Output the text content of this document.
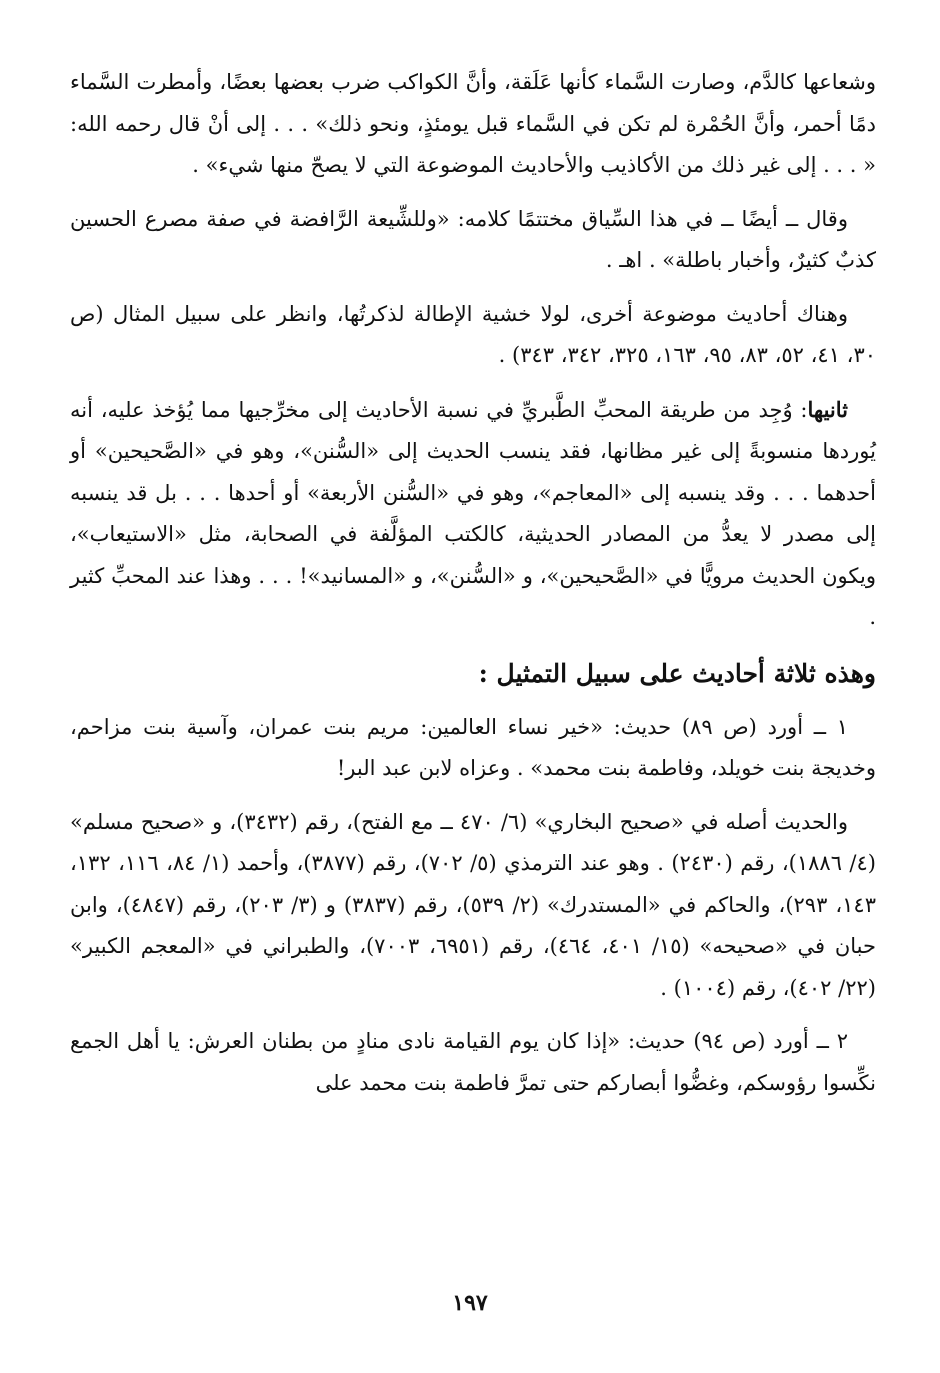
وشعاعها كالدَّم، وصارت السَّماء كأنها عَلَقة، وأنَّ الكواكب ضرب بعضها بعضًا، وأمطرت السَّماء دمًا أحمر، وأنَّ الحُمْرة لم تكن في السَّماء قبل يومئذٍ، ونحو ذلك» . . . إلى أنْ قال رحمه الله: « . . . إلى غير ذلك من الأكاذيب والأحاديث الموضوعة التي لا يصحّ منها شيء» .

وقال ــ أيضًا ــ في هذا السِّياق مختتمًا كلامه: «وللشِّيعة الرَّافضة في صفة مصرع الحسين كذبٌ كثيرٌ، وأخبار باطلة» . اهـ .

وهناك أحاديث موضوعة أخرى، لولا خشية الإطالة لذكرتُها، وانظر على سبيل المثال (ص ٣٠، ٤١، ٥٢، ٨٣، ٩٥، ١٦٣، ٣٢٥، ٣٤٢، ٣٤٣) .

ثانيها: وُجِد من طريقة المحبِّ الطَّبريِّ في نسبة الأحاديث إلى مخرِّجيها مما يُؤخذ عليه، أنه يُوردها منسوبةً إلى غير مظانها، فقد ينسب الحديث إلى «السُّنن»، وهو في «الصَّحيحين» أو أحدهما . . . وقد ينسبه إلى «المعاجم»، وهو في «السُّنن الأربعة» أو أحدها . . . بل قد ينسبه إلى مصدر لا يعدُّ من المصادر الحديثية، كالكتب المؤلَّفة في الصحابة، مثل «الاستيعاب»، ويكون الحديث مرويًّا في «الصَّحيحين»، و «السُّنن»، و «المسانيد»! . . . وهذا عند المحبِّ كثير .

وهذه ثلاثة أحاديث على سبيل التمثيل :

١ ــ أورد (ص ٨٩) حديث: «خير نساء العالمين: مريم بنت عمران، وآسية بنت مزاحم، وخديجة بنت خويلد، وفاطمة بنت محمد» . وعزاه لابن عبد البر!

والحديث أصله في «صحيح البخاري» (٦/ ٤٧٠ ــ مع الفتح)، رقم (٣٤٣٢)، و «صحيح مسلم» (٤/ ١٨٨٦)، رقم (٢٤٣٠) . وهو عند الترمذي (٥/ ٧٠٢)، رقم (٣٨٧٧)، وأحمد (١/ ٨٤، ١١٦، ١٣٢، ١٤٣، ٢٩٣)، والحاكم في «المستدرك» (٢/ ٥٣٩)، رقم (٣٨٣٧) و (٣/ ٢٠٣)، رقم (٤٨٤٧)، وابن حبان في «صحيحه» (١٥/ ٤٠١، ٤٦٤)، رقم (٦٩٥١، ٧٠٠٣)، والطبراني في «المعجم الكبير» (٢٢/ ٤٠٢)، رقم (١٠٠٤) .

٢ ــ أورد (ص ٩٤) حديث: «إذا كان يوم القيامة نادى منادٍ من بطنان العرش: يا أهل الجمع نكِّسوا رؤوسكم، وغضُّوا أبصاركم حتى تمرَّ فاطمة بنت محمد على

١٩٧
